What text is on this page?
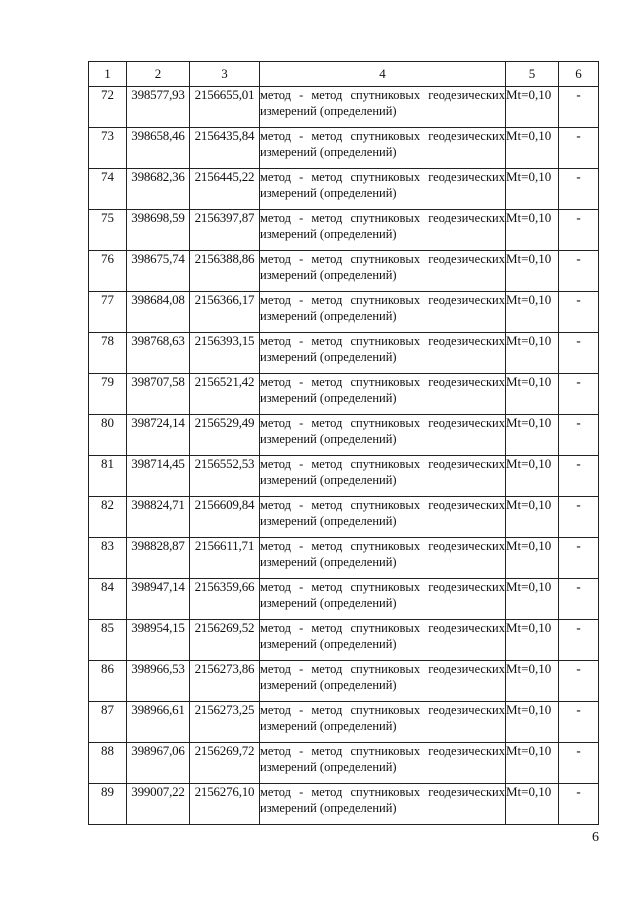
1	2	3	4	5	6
72	398577,93	2156655,01	метод - метод спутниковых геодезических измерений (определений)	Mt=0,10	-
73	398658,46	2156435,84	метод - метод спутниковых геодезических измерений (определений)	Mt=0,10	-
74	398682,36	2156445,22	метод - метод спутниковых геодезических измерений (определений)	Mt=0,10	-
75	398698,59	2156397,87	метод - метод спутниковых геодезических измерений (определений)	Mt=0,10	-
76	398675,74	2156388,86	метод - метод спутниковых геодезических измерений (определений)	Mt=0,10	-
77	398684,08	2156366,17	метод - метод спутниковых геодезических измерений (определений)	Mt=0,10	-
78	398768,63	2156393,15	метод - метод спутниковых геодезических измерений (определений)	Mt=0,10	-
79	398707,58	2156521,42	метод - метод спутниковых геодезических измерений (определений)	Mt=0,10	-
80	398724,14	2156529,49	метод - метод спутниковых геодезических измерений (определений)	Mt=0,10	-
81	398714,45	2156552,53	метод - метод спутниковых геодезических измерений (определений)	Mt=0,10	-
82	398824,71	2156609,84	метод - метод спутниковых геодезических измерений (определений)	Mt=0,10	-
83	398828,87	2156611,71	метод - метод спутниковых геодезических измерений (определений)	Mt=0,10	-
84	398947,14	2156359,66	метод - метод спутниковых геодезических измерений (определений)	Mt=0,10	-
85	398954,15	2156269,52	метод - метод спутниковых геодезических измерений (определений)	Mt=0,10	-
86	398966,53	2156273,86	метод - метод спутниковых геодезических измерений (определений)	Mt=0,10	-
87	398966,61	2156273,25	метод - метод спутниковых геодезических измерений (определений)	Mt=0,10	-
88	398967,06	2156269,72	метод - метод спутниковых геодезических измерений (определений)	Mt=0,10	-
89	399007,22	2156276,10	метод - метод спутниковых геодезических измерений (определений)	Mt=0,10	-
6
